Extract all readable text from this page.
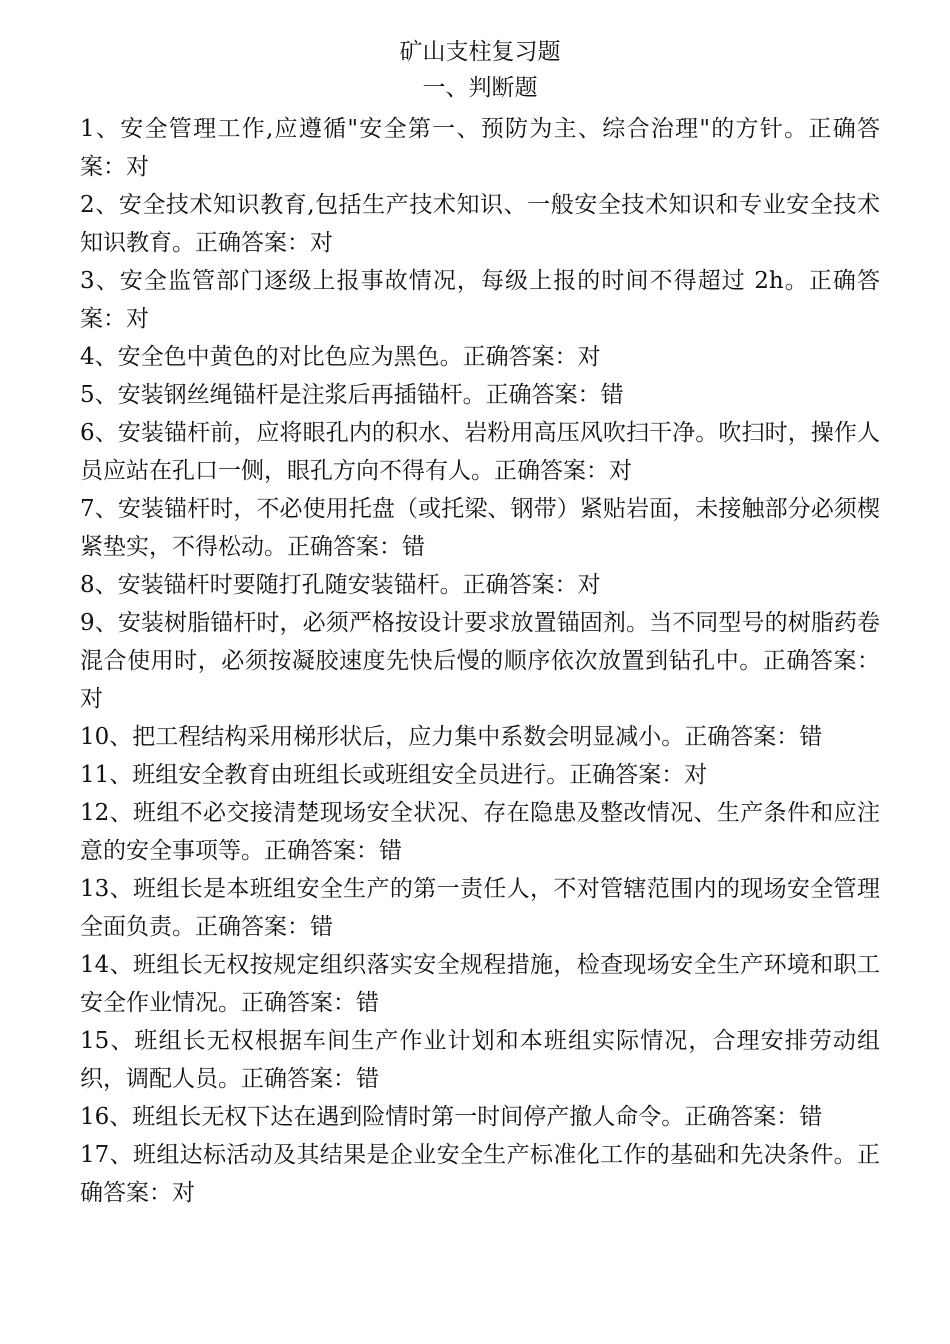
矿山支柱复习题
一、判断题

1、安全管理工作,应遵循"安全第一、预防为主、综合治理"的方针。正确答案：对

2、安全技术知识教育,包括生产技术知识、一般安全技术知识和专业安全技术知识教育。正确答案：对

3、安全监管部门逐级上报事故情况，每级上报的时间不得超过 2h。正确答案：对

4、安全色中黄色的对比色应为黑色。正确答案：对

5、安装钢丝绳锚杆是注浆后再插锚杆。正确答案：错

6、安装锚杆前，应将眼孔内的积水、岩粉用高压风吹扫干净。吹扫时，操作人员应站在孔口一侧，眼孔方向不得有人。正确答案：对

7、安装锚杆时，不必使用托盘（或托梁、钢带）紧贴岩面，未接触部分必须楔紧垫实，不得松动。正确答案：错

8、安装锚杆时要随打孔随安装锚杆。正确答案：对

9、安装树脂锚杆时，必须严格按设计要求放置锚固剂。当不同型号的树脂药卷混合使用时，必须按凝胶速度先快后慢的顺序依次放置到钻孔中。正确答案：对

10、把工程结构采用梯形状后，应力集中系数会明显减小。正确答案：错

11、班组安全教育由班组长或班组安全员进行。正确答案：对

12、班组不必交接清楚现场安全状况、存在隐患及整改情况、生产条件和应注意的安全事项等。正确答案：错

13、班组长是本班组安全生产的第一责任人，不对管辖范围内的现场安全管理全面负责。正确答案：错

14、班组长无权按规定组织落实安全规程措施，检查现场安全生产环境和职工安全作业情况。正确答案：错

15、班组长无权根据车间生产作业计划和本班组实际情况，合理安排劳动组织，调配人员。正确答案：错

16、班组长无权下达在遇到险情时第一时间停产撤人命令。正确答案：错

17、班组达标活动及其结果是企业安全生产标准化工作的基础和先决条件。正确答案：对
